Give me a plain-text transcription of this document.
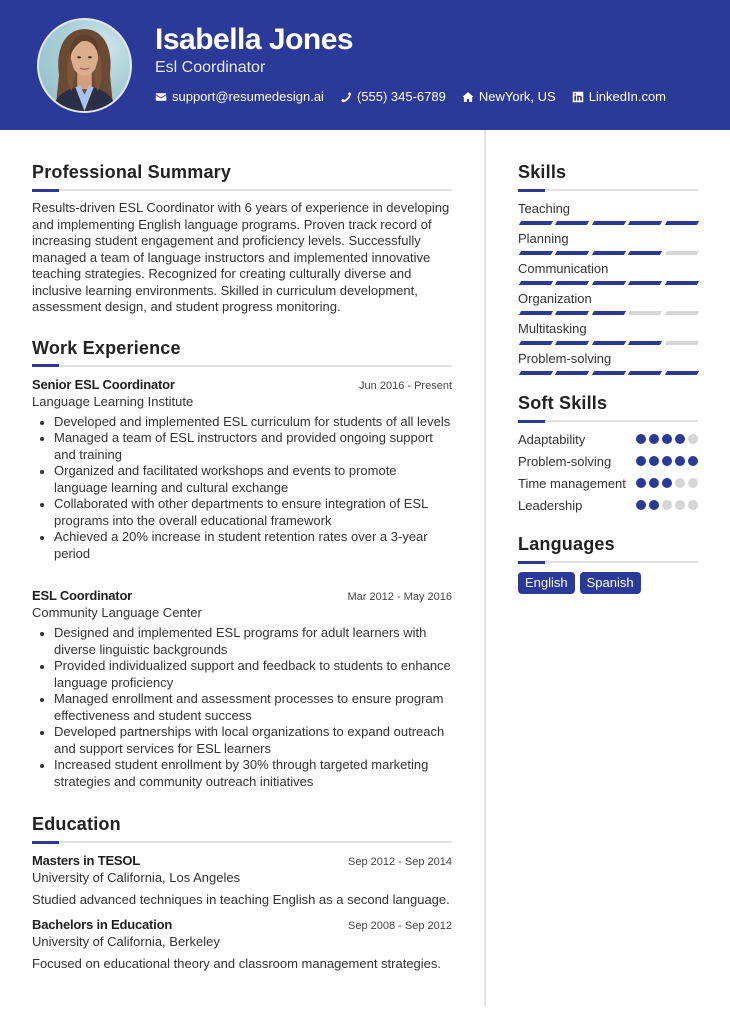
Isabella Jones
Esl Coordinator
support@resumedesign.ai	(555) 345-6789	NewYork, US	LinkedIn.com
Professional Summary

Results-driven ESL Coordinator with 6 years of experience in developing and implementing English language programs. Proven track record of increasing student engagement and proficiency levels. Successfully managed a team of language instructors and implemented innovative teaching strategies. Recognized for creating culturally diverse and inclusive learning environments. Skilled in curriculum development, assessment design, and student progress monitoring.

Work Experience
Senior ESL Coordinator	Jun 2016 - Present
Language Learning Institute
Developed and implemented ESL curriculum for students of all levels
Managed a team of ESL instructors and provided ongoing support and training
Organized and facilitated workshops and events to promote language learning and cultural exchange
Collaborated with other departments to ensure integration of ESL programs into the overall educational framework
Achieved a 20% increase in student retention rates over a 3-year period
ESL Coordinator	Mar 2012 - May 2016
Community Language Center
Designed and implemented ESL programs for adult learners with diverse linguistic backgrounds
Provided individualized support and feedback to students to enhance language proficiency
Managed enrollment and assessment processes to ensure program effectiveness and student success
Developed partnerships with local organizations to expand outreach and support services for ESL learners
Increased student enrollment by 30% through targeted marketing strategies and community outreach initiatives
Education
Masters in TESOL	Sep 2012 - Sep 2014
University of California, Los Angeles
Studied advanced techniques in teaching English as a second language.
Bachelors in Education	Sep 2008 - Sep 2012
University of California, Berkeley
Focused on educational theory and classroom management strategies.
Skills
Teaching
Planning
Communication
Organization
Multitasking
Problem-solving
Soft Skills
Adaptability
Problem-solving
Time management
Leadership
Languages
English	Spanish
